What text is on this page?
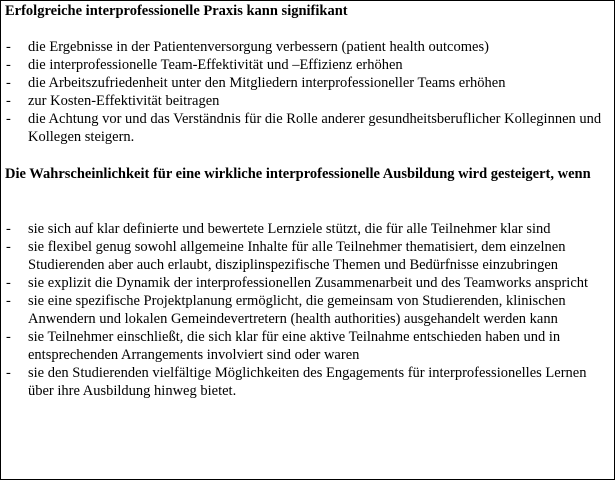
Erfolgreiche interprofessionelle Praxis kann signifikant
- die Ergebnisse in der Patientenversorgung verbessern (patient health outcomes)
- die interprofessionelle Team-Effektivität und –Effizienz erhöhen
- die Arbeitszufriedenheit unter den Mitgliedern interprofessioneller Teams erhöhen
- zur Kosten-Effektivität beitragen
- die Achtung vor und das Verständnis für die Rolle anderer gesundheitsberuflicher Kolleginnen und Kollegen steigern.
Die Wahrscheinlichkeit für eine wirkliche interprofessionelle Ausbildung wird gesteigert, wenn
- sie sich auf klar definierte und bewertete Lernziele stützt, die für alle Teilnehmer klar sind
- sie flexibel genug sowohl allgemeine Inhalte für alle Teilnehmer thematisiert, dem einzelnen Studierenden aber auch erlaubt, disziplinspezifische Themen und Bedürfnisse einzubringen
- sie explizit die Dynamik der interprofessionellen Zusammenarbeit und des Teamworks anspricht
- sie eine spezifische Projektplanung ermöglicht, die gemeinsam von Studierenden, klinischen Anwendern und lokalen Gemeindevertretern (health authorities) ausgehandelt werden kann
- sie Teilnehmer einschließt, die sich klar für eine aktive Teilnahme entschieden haben und in entsprechenden Arrangements involviert sind oder waren
- sie den Studierenden vielfältige Möglichkeiten des Engagements für interprofessionelles Lernen über ihre Ausbildung hinweg bietet.
